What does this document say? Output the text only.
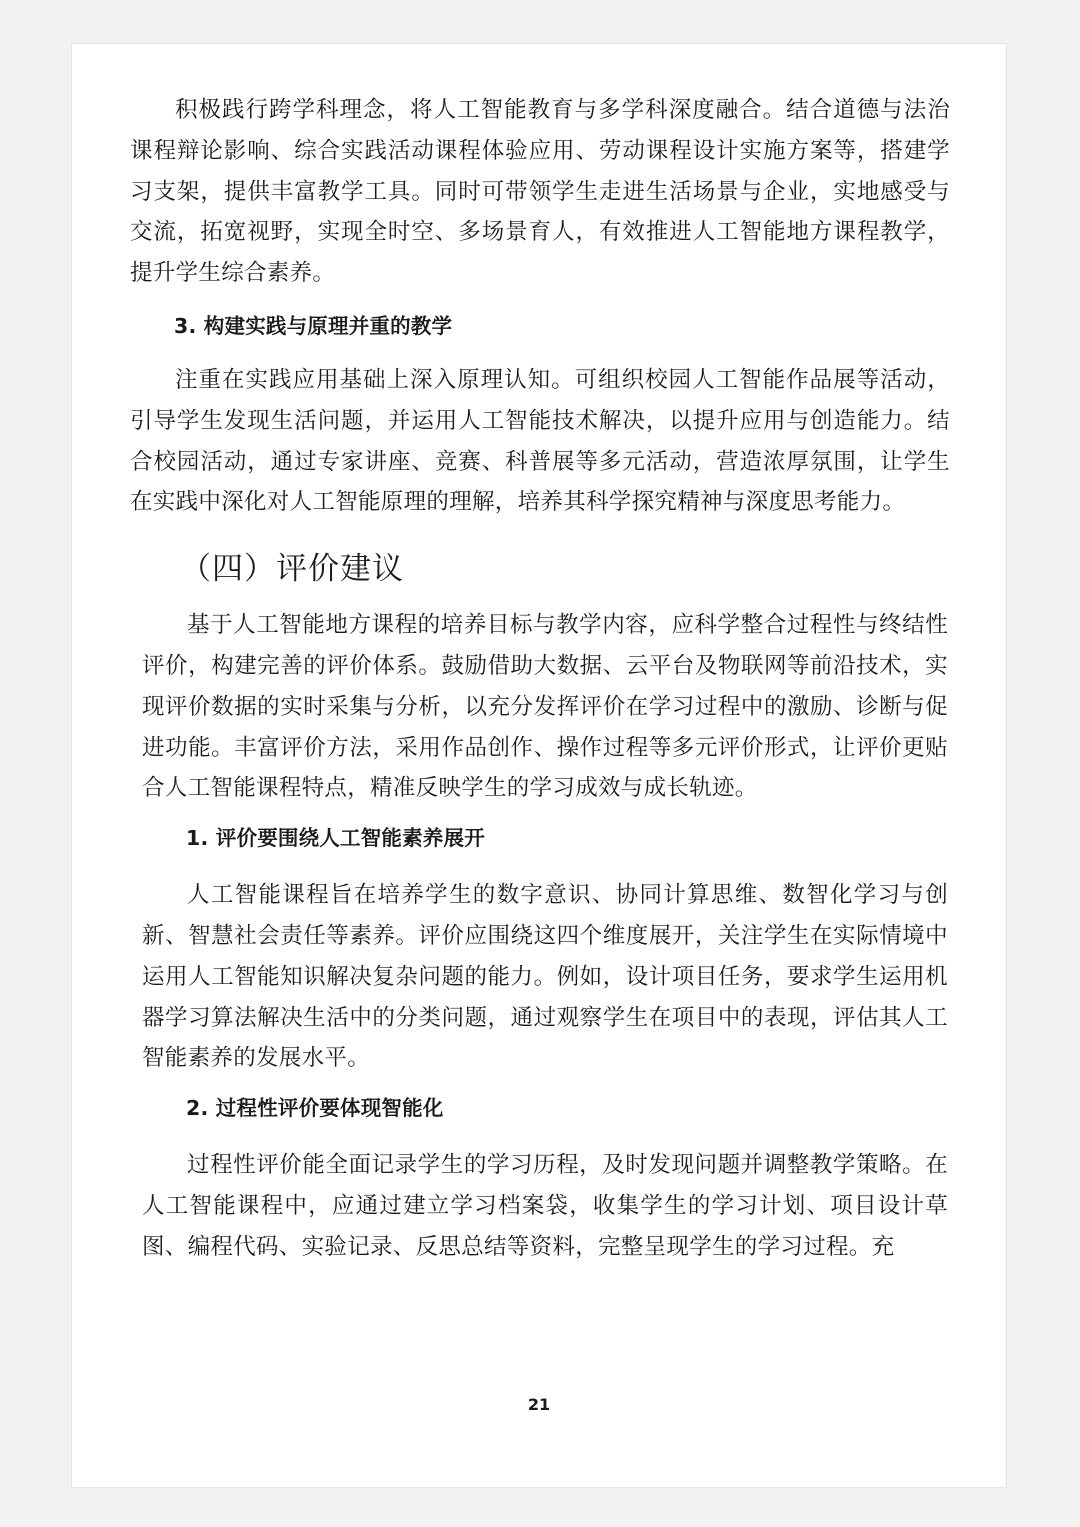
积极践行跨学科理念，将人工智能教育与多学科深度融合。结合道德与法治课程辩论影响、综合实践活动课程体验应用、劳动课程设计实施方案等，搭建学习支架，提供丰富教学工具。同时可带领学生走进生活场景与企业，实地感受与交流，拓宽视野，实现全时空、多场景育人，有效推进人工智能地方课程教学，提升学生综合素养。

3. 构建实践与原理并重的教学

注重在实践应用基础上深入原理认知。可组织校园人工智能作品展等活动，引导学生发现生活问题，并运用人工智能技术解决，以提升应用与创造能力。结合校园活动，通过专家讲座、竞赛、科普展等多元活动，营造浓厚氛围，让学生在实践中深化对人工智能原理的理解，培养其科学探究精神与深度思考能力。

（四）评价建议

基于人工智能地方课程的培养目标与教学内容，应科学整合过程性与终结性评价，构建完善的评价体系。鼓励借助大数据、云平台及物联网等前沿技术，实现评价数据的实时采集与分析，以充分发挥评价在学习过程中的激励、诊断与促进功能。丰富评价方法，采用作品创作、操作过程等多元评价形式，让评价更贴合人工智能课程特点，精准反映学生的学习成效与成长轨迹。

1. 评价要围绕人工智能素养展开

人工智能课程旨在培养学生的数字意识、协同计算思维、数智化学习与创新、智慧社会责任等素养。评价应围绕这四个维度展开，关注学生在实际情境中运用人工智能知识解决复杂问题的能力。例如，设计项目任务，要求学生运用机器学习算法解决生活中的分类问题，通过观察学生在项目中的表现，评估其人工智能素养的发展水平。

2. 过程性评价要体现智能化

过程性评价能全面记录学生的学习历程，及时发现问题并调整教学策略。在人工智能课程中，应通过建立学习档案袋，收集学生的学习计划、项目设计草图、编程代码、实验记录、反思总结等资料，完整呈现学生的学习过程。充

21
